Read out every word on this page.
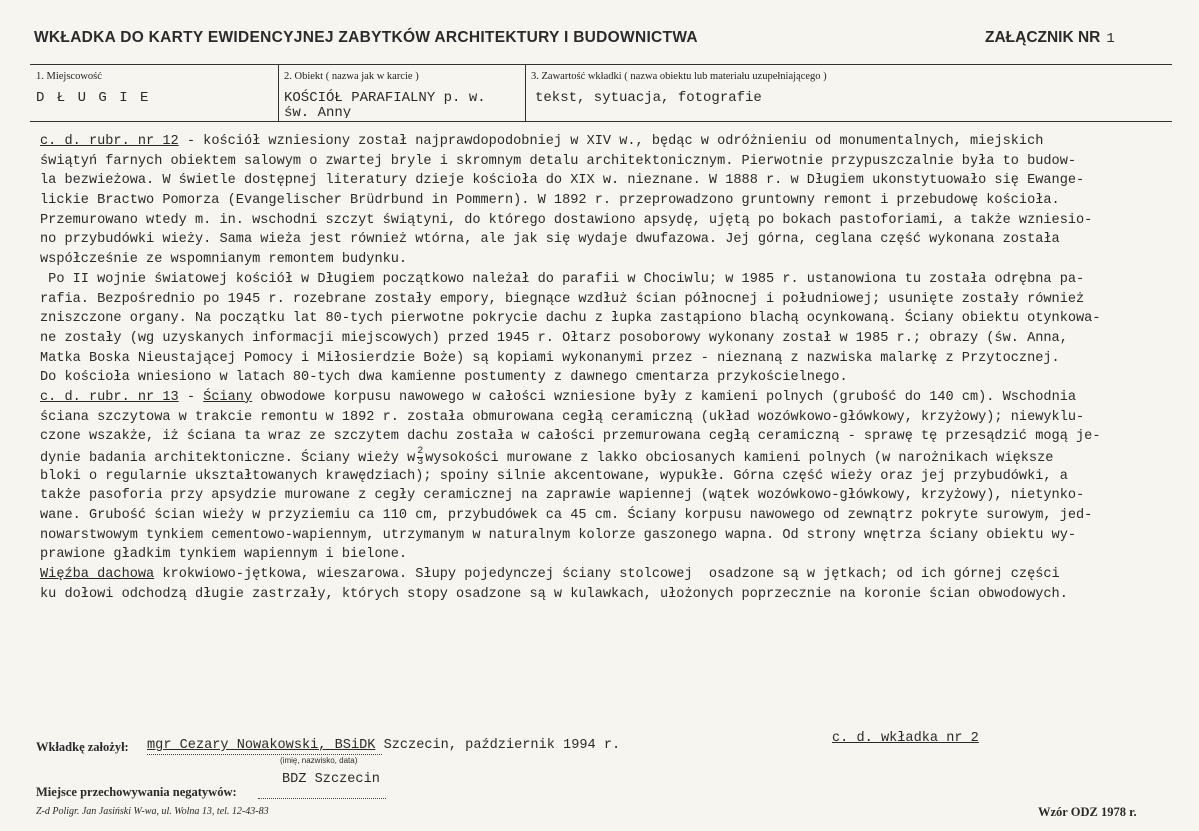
WKŁADKA DO KARTY EWIDENCYJNEJ ZABYTKÓW ARCHITEKTURY I BUDOWNICTWA	ZAŁĄCZNIK NR 1
1. Miejscowość
D Ł U G I E
2. Obiekt ( nazwa jak w karcie )
KOŚCIÓŁ PARAFIALNY p. w.
św. Anny
3. Zawartość wkładki ( nazwa obiektu lub materiału uzupełniającego )
tekst, sytuacja, fotografie
c. d. rubr. nr 12 - kościół wzniesiony został najprawdopodobniej w XIV w., będąc w odróżnieniu od monumentalnych, miejskich
świątyń farnych obiektem salowym o zwartej bryle i skromnym detalu architektonicznym. Pierwotnie przypuszczalnie była to budow-
la bezwieżowa. W świetle dostępnej literatury dzieje kościoła do XIX w. nieznane. W 1888 r. w Długiem ukonstytuowało się Ewange-
lickie Bractwo Pomorza (Evangelischer Brüdrbund in Pommern). W 1892 r. przeprowadzono gruntowny remont i przebudowę kościoła.
Przemurowano wtedy m. in. wschodni szczyt świątyni, do którego dostawiono apsydę, ujętą po bokach pastoforiami, a także wzniesio-
no przybudówki wieży. Sama wieża jest również wtórna, ale jak się wydaje dwufazowa. Jej górna, ceglana część wykonana została
współcześnie ze wspomnianym remontem budynku.
Po II wojnie światowej kościół w Długiem początkowo należał do parafii w Chociwlu; w 1985 r. ustanowiona tu została odrębna pa-
rafia. Bezpośrednio po 1945 r. rozebrane zostały empory, biegnące wzdłuż ścian północnej i południowej; usunięte zostały również
zniszczone organy. Na początku lat 80-tych pierwotne pokrycie dachu z łupka zastąpiono blachą ocynkowaną. Ściany obiektu otynkowa-
ne zostały (wg uzyskanych informacji miejscowych) przed 1945 r. Ołtarz posoborowy wykonany został w 1985 r.; obrazy (św. Anna,
Matka Boska Nieustającej Pomocy i Miłosierdzie Boże) są kopiami wykonanymi przez - nieznaną z nazwiska malarkę z Przytocznej.
Do kościoła wniesiono w latach 80-tych dwa kamienne postumenty z dawnego cmentarza przykościelnego.
c. d. rubr. nr 13 - Ściany obwodowe korpusu nawowego w całości wzniesione były z kamieni polnych (grubość do 140 cm). Wschodnia
ściana szczytowa w trakcie remontu w 1892 r. została obmurowana cegłą ceramiczną (układ wozówkowo-główkowy, krzyżowy); niewyklu-
czone wszakże, iż ściana ta wraz ze szczytem dachu została w całości przemurowana cegłą ceramiczną - sprawę tę przesądzić mogą je-
dynie badania architektoniczne. Ściany wieży w $\frac{2}{3}$ wysokości murowane z lakko obciosanych kamieni polnych (w narożnikach większe
bloki o regularnie ukształtowanych krawędziach); spoiny silnie akcentowane, wypukłe. Górna część wieży oraz jej przybudówki, a
także pasoforia przy apsydzie murowane z cegły ceramicznej na zaprawie wapiennej (wątek wozówkowo-główkowy, krzyżowy), nietynko-
wane. Grubość ścian wieży w przyziemiu ca 110 cm, przybudówek ca 45 cm. Ściany korpusu nawowego od zewnątrz pokryte surowym, jed-
nowarstwowym tynkiem cementowo-wapiennym, utrzymanym w naturalnym kolorze gaszonego wapna. Od strony wnętrza ściany obiektu wy-
prawione gładkim tynkiem wapiennym i bielone.
Więźba dachowa krokwiowo-jętkowa, wieszarowa. Słupy pojedynczej ściany stolcowej  osadzone są w jętkach; od ich górnej części
ku dołowi odchodzą długie zastrzały, których stopy osadzone są w kulawkach, ułożonych poprzecznie na koronie ścian obwodowych.
Wkładkę założył: mgr Cezary Nowakowski, BSiDK Szczecin, październik 1994 r.
(imię, nazwisko, data)
c. d. wkładka nr 2
BDZ Szczecin
Miejsce przechowywania negatywów:
Z-d Poligr. Jan Jasiński W-wa, ul. Wolna 13, tel. 12-43-83	Wzór ODZ 1978 r.
